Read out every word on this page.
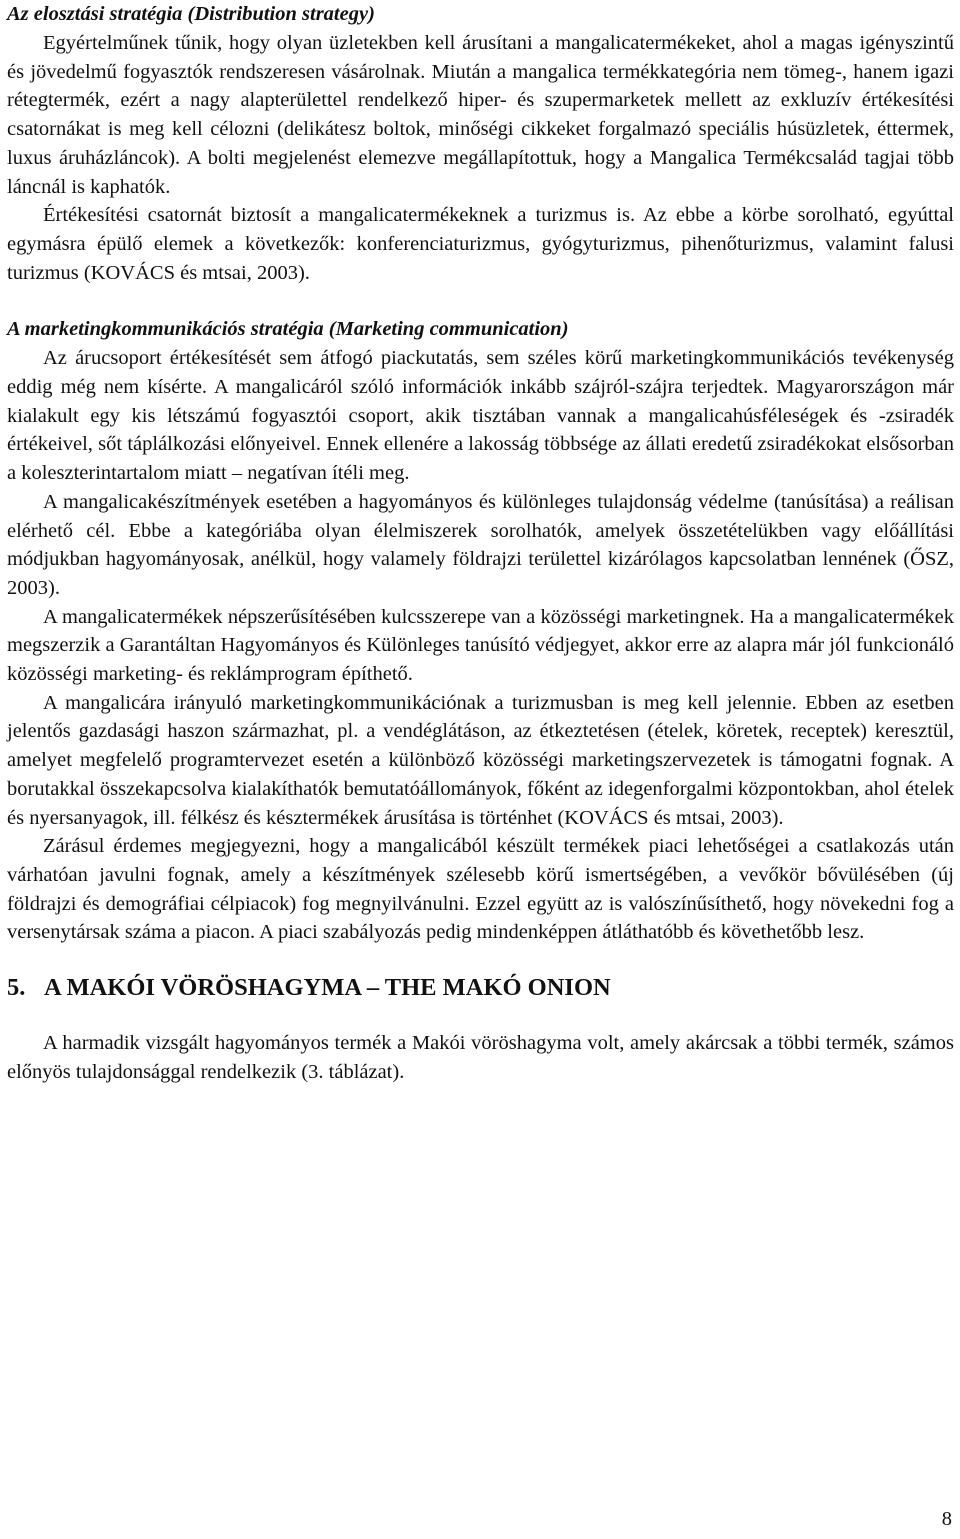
Az elosztási stratégia (Distribution strategy)

Egyértelműnek tűnik, hogy olyan üzletekben kell árusítani a mangalicatermékeket, ahol a magas igényszintű és jövedelmű fogyasztók rendszeresen vásárolnak. Miután a mangalica termékkategória nem tömeg-, hanem igazi rétegtermék, ezért a nagy alapterülettel rendelkező hiper- és szupermarketek mellett az exkluzív értékesítési csatornákat is meg kell célozni (delikátesz boltok, minőségi cikkeket forgalmazó speciális húsüzletek, éttermek, luxus áruházláncok). A bolti megjelenést elemezve megállapítottuk, hogy a Mangalica Termékcsalád tagjai több láncnál is kaphatók.

Értékesítési csatornát biztosít a mangalicatermékeknek a turizmus is. Az ebbe a körbe sorolható, egyúttal egymásra épülő elemek a következők: konferenciaturizmus, gyógyturizmus, pihenőturizmus, valamint falusi turizmus (KOVÁCS és mtsai, 2003).

A marketingkommunikációs stratégia (Marketing communication)

Az árucsoport értékesítését sem átfogó piackutatás, sem széles körű marketingkommunikációs tevékenység eddig még nem kísérte. A mangalicáról szóló információk inkább szájról-szájra terjedtek. Magyarországon már kialakult egy kis létszámú fogyasztói csoport, akik tisztában vannak a mangalicahúsféleségek és -zsiradék értékeivel, sőt táplálkozási előnyeivel. Ennek ellenére a lakosság többsége az állati eredetű zsiradékokat elsősorban a koleszterintartalom miatt – negatívan ítéli meg.

A mangalicakészítmények esetében a hagyományos és különleges tulajdonság védelme (tanúsítása) a reálisan elérhető cél. Ebbe a kategóriába olyan élelmiszerek sorolhatók, amelyek összetételükben vagy előállítási módjukban hagyományosak, anélkül, hogy valamely földrajzi területtel kizárólagos kapcsolatban lennének (ŐSZ, 2003).

A mangalicatermékek népszerűsítésében kulcsszerepe van a közösségi marketingnek. Ha a mangalicatermékek megszerzik a Garantáltan Hagyományos és Különleges tanúsító védjegyet, akkor erre az alapra már jól funkcionáló közösségi marketing- és reklámprogram építhető.

A mangalicára irányuló marketingkommunikációnak a turizmusban is meg kell jelennie. Ebben az esetben jelentős gazdasági haszon származhat, pl. a vendéglátáson, az étkeztetésen (ételek, köretek, receptek) keresztül, amelyet megfelelő programtervezet esetén a különböző közösségi marketingszervezetek is támogatni fognak. A borutakkal összekapcsolva kialakíthatók bemutatóállományok, főként az idegenforgalmi központokban, ahol ételek és nyersanyagok, ill. félkész és késztermékek árusítása is történhet (KOVÁCS és mtsai, 2003).

Zárásul érdemes megjegyezni, hogy a mangalicából készült termékek piaci lehetőségei a csatlakozás után várhatóan javulni fognak, amely a készítmények szélesebb körű ismertségében, a vevőkör bővülésében (új földrajzi és demográfiai célpiacok) fog megnyilvánulni. Ezzel együtt az is valószínűsíthető, hogy növekedni fog a versenytársak száma a piacon. A piaci szabályozás pedig mindenképpen átláthatóbb és követhetőbb lesz.

5. A MAKÓI VÖRÖSHAGYMA – THE MAKÓ ONION

A harmadik vizsgált hagyományos termék a Makói vöröshagyma volt, amely akárcsak a többi termék, számos előnyös tulajdonsággal rendelkezik (3. táblázat).

8
